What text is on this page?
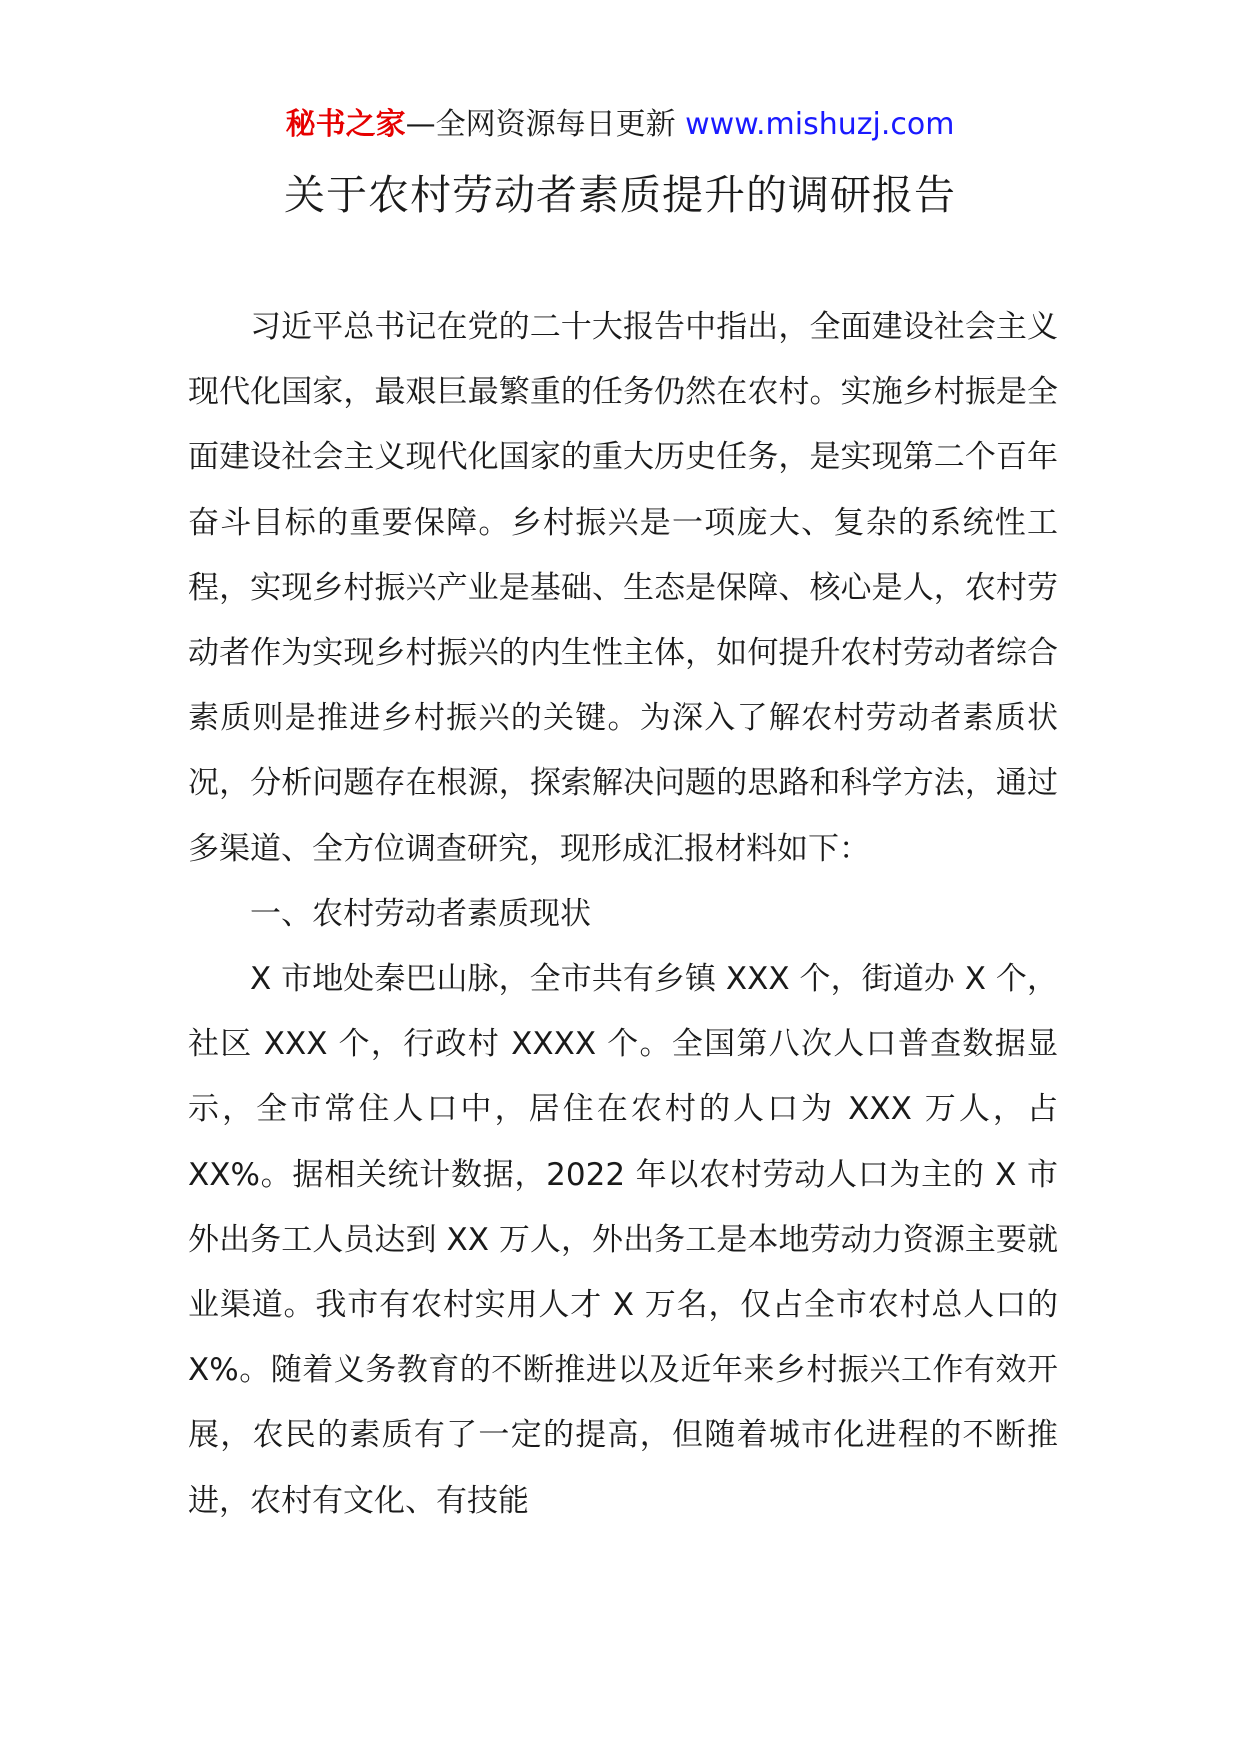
秘书之家—全网资源每日更新 www.mishuzj.com
关于农村劳动者素质提升的调研报告

习近平总书记在党的二十大报告中指出，全面建设社会主义现代化国家，最艰巨最繁重的任务仍然在农村。实施乡村振是全面建设社会主义现代化国家的重大历史任务，是实现第二个百年奋斗目标的重要保障。乡村振兴是一项庞大、复杂的系统性工程，实现乡村振兴产业是基础、生态是保障、核心是人，农村劳动者作为实现乡村振兴的内生性主体，如何提升农村劳动者综合素质则是推进乡村振兴的关键。为深入了解农村劳动者素质状况，分析问题存在根源，探索解决问题的思路和科学方法，通过多渠道、全方位调查研究，现形成汇报材料如下：

一、农村劳动者素质现状

X 市地处秦巴山脉，全市共有乡镇 XXX 个，街道办 X 个，社区 XXX 个，行政村 XXXX 个。全国第八次人口普查数据显示，全市常住人口中，居住在农村的人口为 XXX 万人，占 XX%。据相关统计数据，2022 年以农村劳动人口为主的 X 市外出务工人员达到 XX 万人，外出务工是本地劳动力资源主要就业渠道。我市有农村实用人才 X 万名，仅占全市农村总人口的 X%。随着义务教育的不断推进以及近年来乡村振兴工作有效开展，农民的素质有了一定的提高，但随着城市化进程的不断推进，农村有文化、有技能
